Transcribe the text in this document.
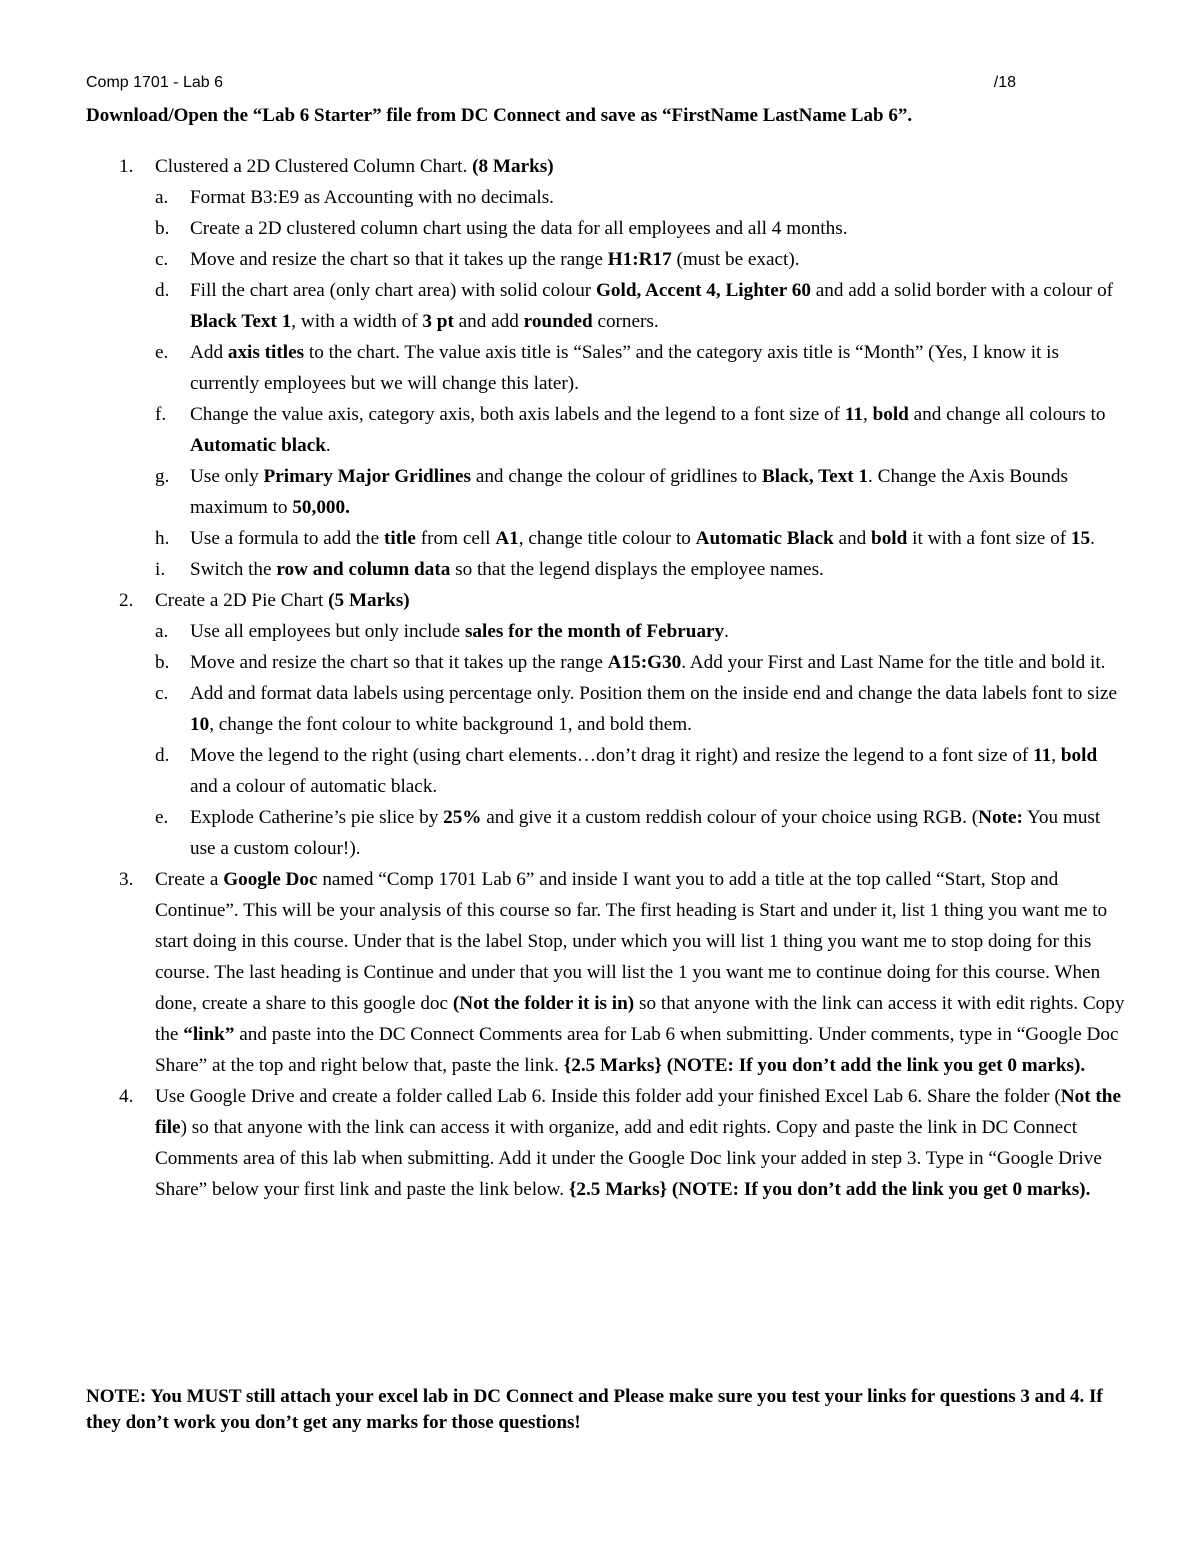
Comp 1701 - Lab 6	/18
Download/Open the “Lab 6 Starter” file from DC Connect and save as “FirstName LastName Lab 6”.
1. Clustered a 2D Clustered Column Chart. (8 Marks)
a. Format B3:E9 as Accounting with no decimals.
b. Create a 2D clustered column chart using the data for all employees and all 4 months.
c. Move and resize the chart so that it takes up the range H1:R17 (must be exact).
d. Fill the chart area (only chart area) with solid colour Gold, Accent 4, Lighter 60 and add a solid border with a colour of Black Text 1, with a width of 3 pt and add rounded corners.
e. Add axis titles to the chart. The value axis title is “Sales” and the category axis title is “Month” (Yes, I know it is currently employees but we will change this later).
f. Change the value axis, category axis, both axis labels and the legend to a font size of 11, bold and change all colours to Automatic black.
g. Use only Primary Major Gridlines and change the colour of gridlines to Black, Text 1. Change the Axis Bounds maximum to 50,000.
h. Use a formula to add the title from cell A1, change title colour to Automatic Black and bold it with a font size of 15.
i. Switch the row and column data so that the legend displays the employee names.
2. Create a 2D Pie Chart (5 Marks)
a. Use all employees but only include sales for the month of February.
b. Move and resize the chart so that it takes up the range A15:G30. Add your First and Last Name for the title and bold it.
c. Add and format data labels using percentage only. Position them on the inside end and change the data labels font to size 10, change the font colour to white background 1, and bold them.
d. Move the legend to the right (using chart elements…don’t drag it right) and resize the legend to a font size of 11, bold and a colour of automatic black.
e. Explode Catherine’s pie slice by 25% and give it a custom reddish colour of your choice using RGB. (Note: You must use a custom colour!).
3. Create a Google Doc named “Comp 1701 Lab 6” and inside I want you to add a title at the top called “Start, Stop and Continue”. This will be your analysis of this course so far. The first heading is Start and under it, list 1 thing you want me to start doing in this course. Under that is the label Stop, under which you will list 1 thing you want me to stop doing for this course. The last heading is Continue and under that you will list the 1 you want me to continue doing for this course. When done, create a share to this google doc (Not the folder it is in) so that anyone with the link can access it with edit rights. Copy the “link” and paste into the DC Connect Comments area for Lab 6 when submitting. Under comments, type in “Google Doc Share” at the top and right below that, paste the link. {2.5 Marks} (NOTE: If you don’t add the link you get 0 marks).
4. Use Google Drive and create a folder called Lab 6. Inside this folder add your finished Excel Lab 6. Share the folder (Not the file) so that anyone with the link can access it with organize, add and edit rights. Copy and paste the link in DC Connect Comments area of this lab when submitting. Add it under the Google Doc link your added in step 3. Type in “Google Drive Share” below your first link and paste the link below. {2.5 Marks} (NOTE: If you don’t add the link you get 0 marks).
NOTE: You MUST still attach your excel lab in DC Connect and Please make sure you test your links for questions 3 and 4. If they don’t work you don’t get any marks for those questions!
